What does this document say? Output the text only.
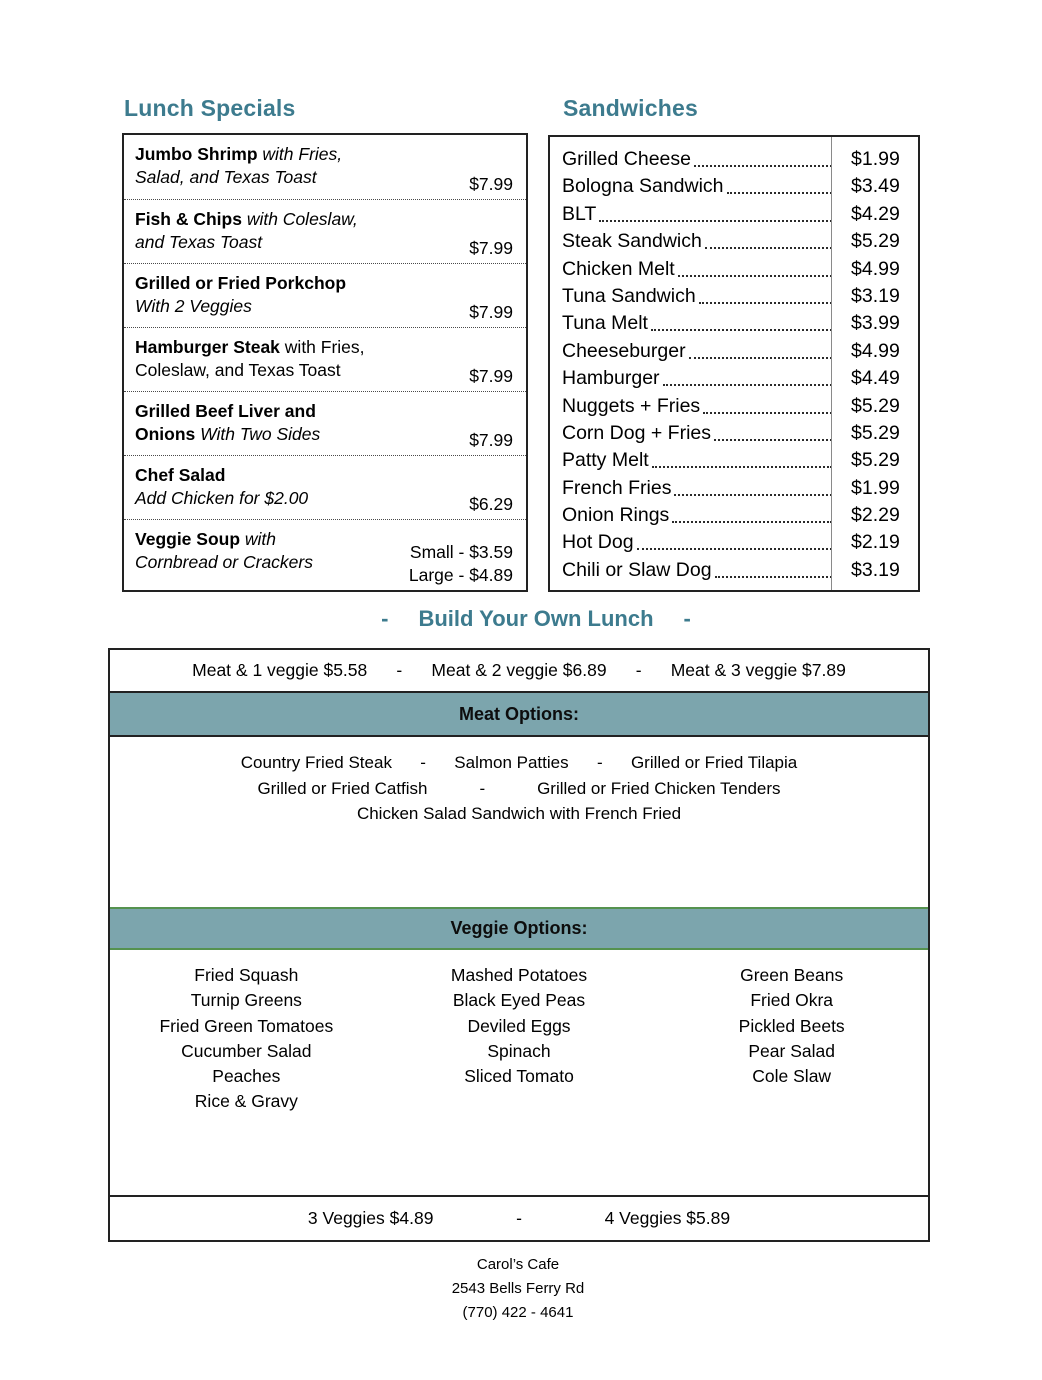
Lunch Specials	Sandwiches
Jumbo Shrimp with Fries,
Salad, and Texas Toast	$7.99
Fish & Chips with Coleslaw,
and Texas Toast	$7.99
Grilled or Fried Porkchop
With 2 Veggies	$7.99
Hamburger Steak with Fries,
Coleslaw, and Texas Toast	$7.99
Grilled Beef Liver and
Onions With Two Sides	$7.99
Chef Salad
Add Chicken for $2.00	$6.29
Veggie Soup with
Cornbread or Crackers	Small - $3.59
Large - $4.89
Grilled Cheese	$1.99
Bologna Sandwich	$3.49
BLT	$4.29
Steak Sandwich	$5.29
Chicken Melt	$4.99
Tuna Sandwich	$3.19
Tuna Melt	$3.99
Cheeseburger	$4.99
Hamburger	$4.49
Nuggets + Fries	$5.29
Corn Dog + Fries	$5.29
Patty Melt	$5.29
French Fries	$1.99
Onion Rings	$2.29
Hot Dog	$2.19
Chili or Slaw Dog	$3.19
- Build Your Own Lunch -
Meat & 1 veggie $5.58      -      Meat & 2 veggie $6.89      -      Meat & 3 veggie $7.89
Meat Options:
Country Fried Steak      -      Salmon Patties      -      Grilled or Fried Tilapia
Grilled or Fried Catfish           -           Grilled or Fried Chicken Tenders
Chicken Salad Sandwich with French Fried
Veggie Options:
Fried Squash
Turnip Greens
Fried Green Tomatoes
Cucumber Salad
Peaches
Rice & Gravy
Mashed Potatoes
Black Eyed Peas
Deviled Eggs
Spinach
Sliced Tomato
Green Beans
Fried Okra
Pickled Beets
Pear Salad
Cole Slaw
3 Veggies $4.89                 -                 4 Veggies $5.89
Carol’s Cafe
2543 Bells Ferry Rd
(770) 422 - 4641
